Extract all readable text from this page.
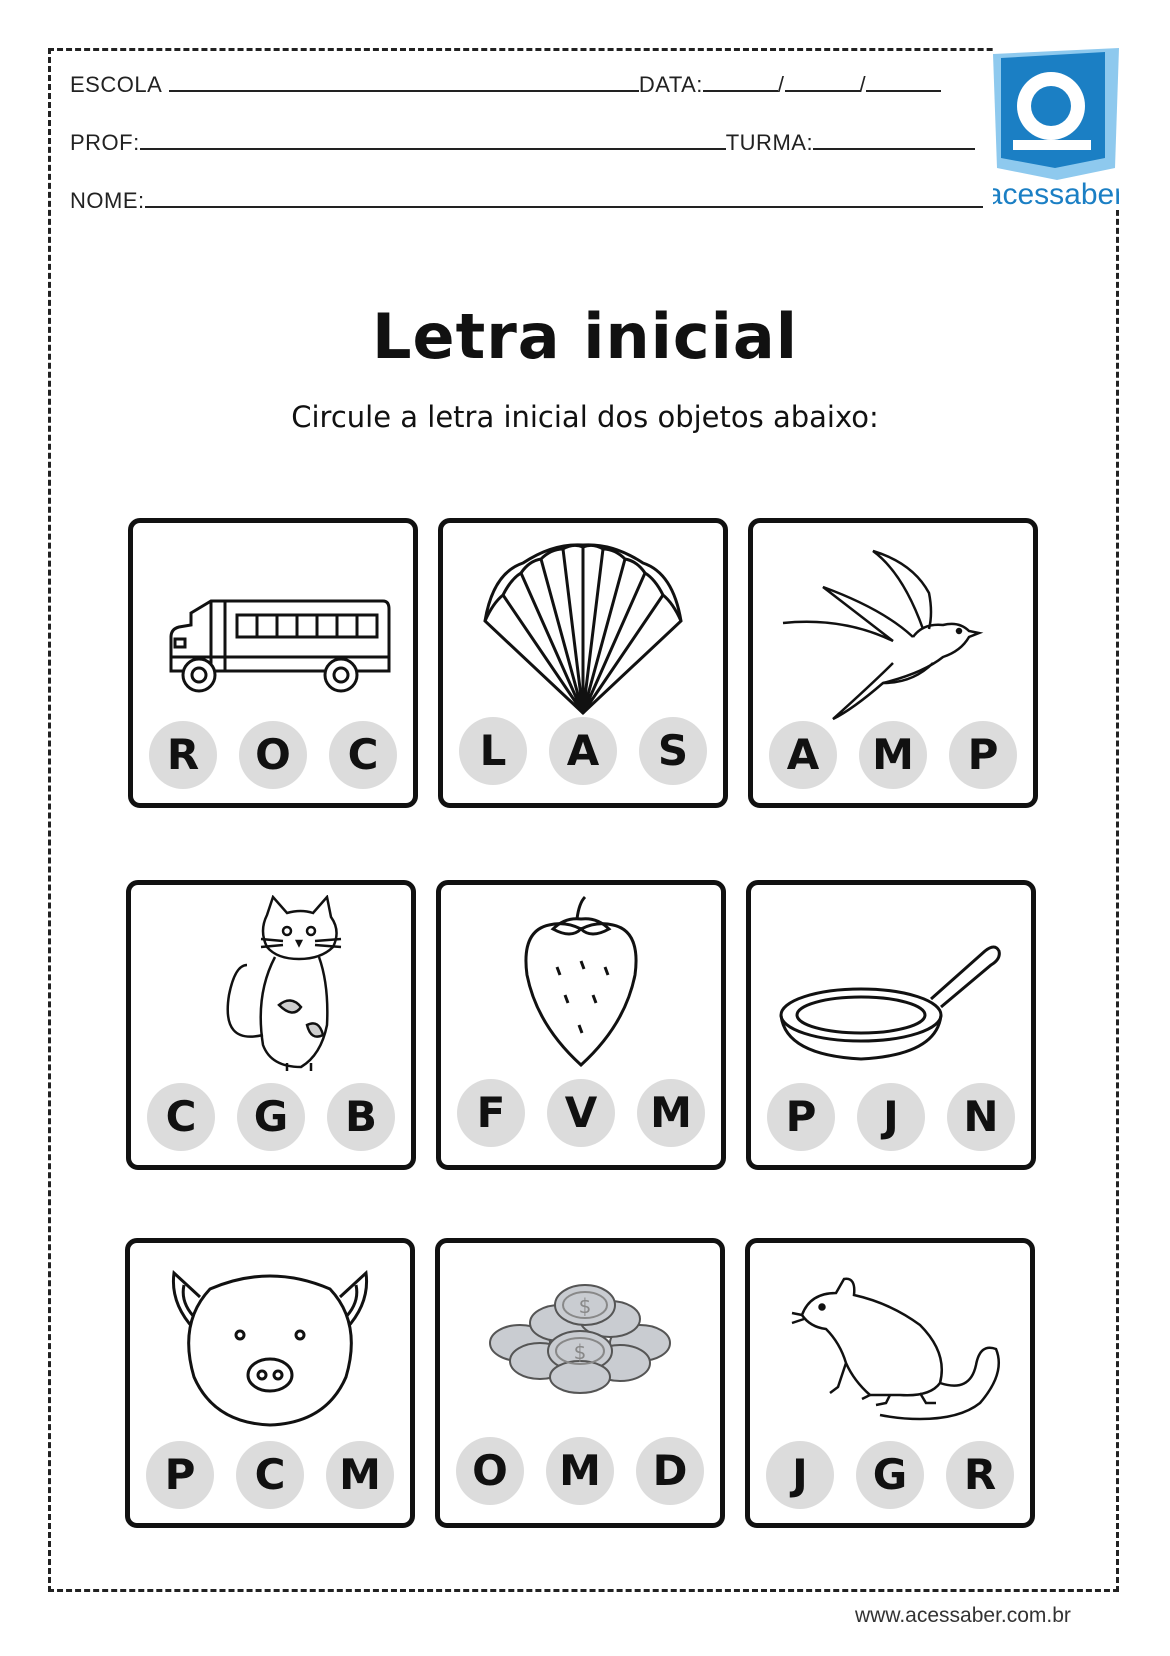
ESCOLA	DATA:	/	/
PROF:	TURMA:
NOME:	acessaber
Letra inicial
Circule a letra inicial dos objetos abaixo:
R	O	C	L	A	S	A	M	P
C	G	B	F	V	M	P	J	N
P	C	M
$
$
O	M	D	J	G	R
www.acessaber.com.br
